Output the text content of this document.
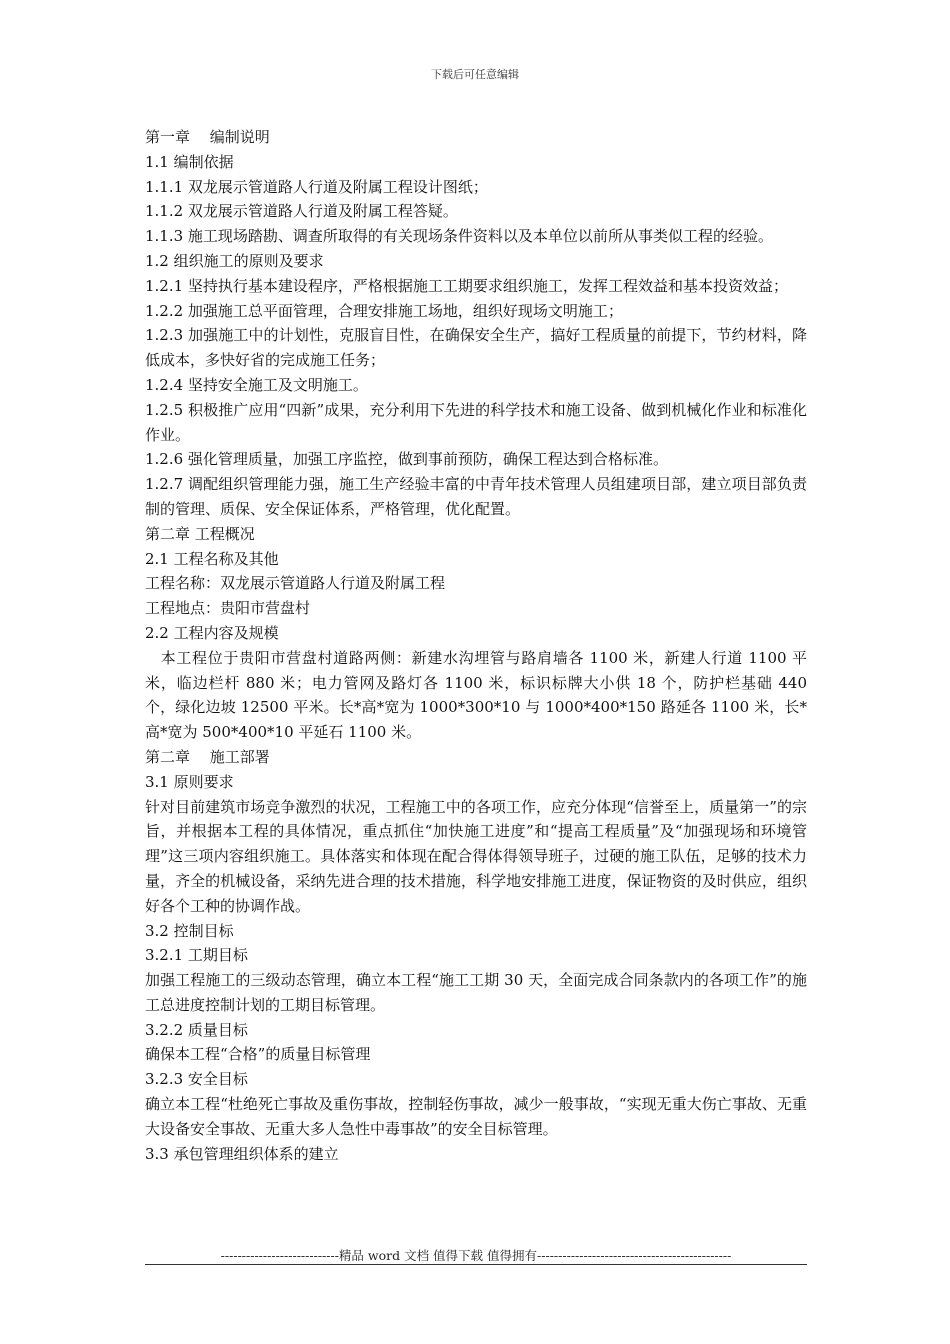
下载后可任意编辑

第一章　 编制说明

1.1 编制依据

1.1.1 双龙展示管道路人行道及附属工程设计图纸；

1.1.2 双龙展示管道路人行道及附属工程答疑。

1.1.3 施工现场踏勘、调查所取得的有关现场条件资料以及本单位以前所从事类似工程的经验。

1.2 组织施工的原则及要求

1.2.1 坚持执行基本建设程序，严格根据施工工期要求组织施工，发挥工程效益和基本投资效益；

1.2.2 加强施工总平面管理，合理安排施工场地，组织好现场文明施工；

1.2.3 加强施工中的计划性，克服盲目性，在确保安全生产，搞好工程质量的前提下，节约材料，降低成本，多快好省的完成施工任务；

1.2.4 坚持安全施工及文明施工。

1.2.5 积极推广应用“四新”成果，充分利用下先进的科学技术和施工设备、做到机械化作业和标准化作业。

1.2.6 强化管理质量，加强工序监控，做到事前预防，确保工程达到合格标准。

1.2.7 调配组织管理能力强，施工生产经验丰富的中青年技术管理人员组建项目部，建立项目部负责制的管理、质保、安全保证体系，严格管理，优化配置。

第二章 工程概况

2.1 工程名称及其他

工程名称：双龙展示管道路人行道及附属工程

工程地点：贵阳市营盘村

2.2 工程内容及规模

　本工程位于贵阳市营盘村道路两侧：新建水沟埋管与路肩墙各 1100 米，新建人行道 1100 平米，临边栏杆 880 米；电力管网及路灯各 1100 米，标识标牌大小供 18 个，防护栏基础 440 个，绿化边坡 12500 平米。长*高*宽为 1000*300*10 与 1000*400*150 路延各 1100 米，长*高*宽为 500*400*10 平延石 1100 米。

第二章　 施工部署

3.1 原则要求

针对目前建筑市场竞争激烈的状况，工程施工中的各项工作，应充分体现“信誉至上，质量第一”的宗旨，并根据本工程的具体情况，重点抓住“加快施工进度”和“提高工程质量”及“加强现场和环境管理”这三项内容组织施工。具体落实和体现在配合得体得领导班子，过硬的施工队伍，足够的技术力量，齐全的机械设备，采纳先进合理的技术措施，科学地安排施工进度，保证物资的及时供应，组织好各个工种的协调作战。

3.2 控制目标

3.2.1 工期目标

加强工程施工的三级动态管理，确立本工程“施工工期 30 天，全面完成合同条款内的各项工作”的施工总进度控制计划的工期目标管理。

3.2.2 质量目标

确保本工程“合格”的质量目标管理

3.2.3 安全目标

确立本工程“杜绝死亡事故及重伤事故，控制轻伤事故，减少一般事故，“实现无重大伤亡事故、无重大设备安全事故、无重大多人急性中毒事故”的安全目标管理。

3.3 承包管理组织体系的建立

----------------------------精品 word 文档 值得下载 值得拥有----------------------------------------------
